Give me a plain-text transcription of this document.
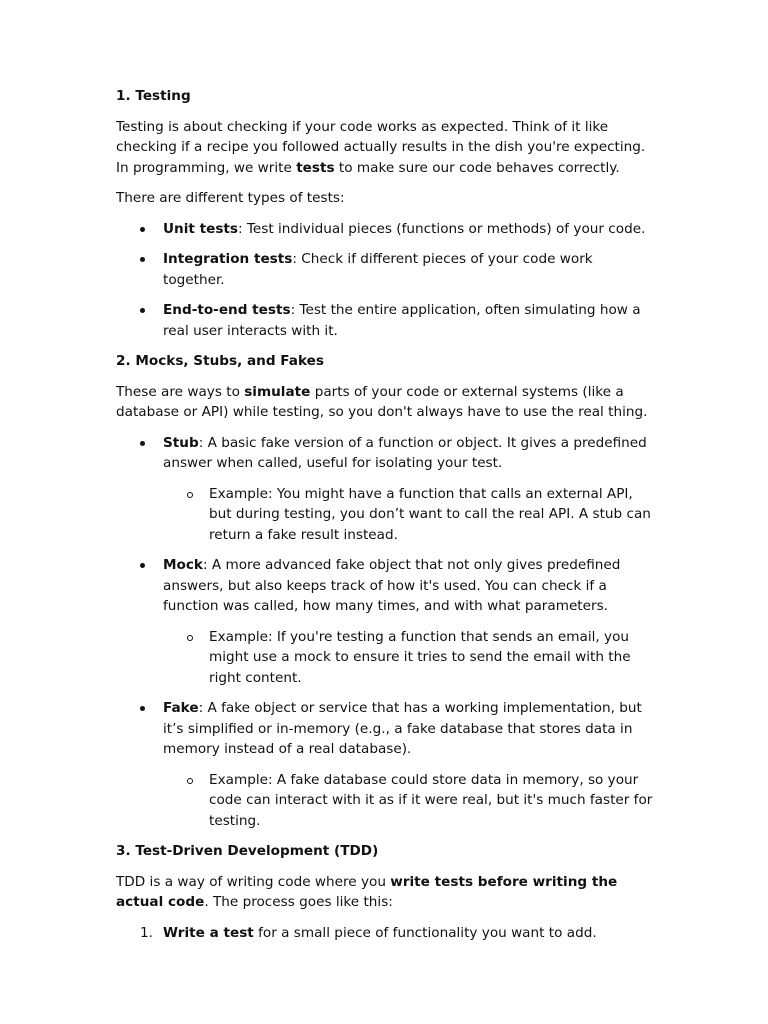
1. Testing

Testing is about checking if your code works as expected. Think of it like checking if a recipe you followed actually results in the dish you're expecting. In programming, we write tests to make sure our code behaves correctly.

There are different types of tests:

Unit tests: Test individual pieces (functions or methods) of your code.
Integration tests: Check if different pieces of your code work together.
End-to-end tests: Test the entire application, often simulating how a real user interacts with it.

2. Mocks, Stubs, and Fakes

These are ways to simulate parts of your code or external systems (like a database or API) while testing, so you don't always have to use the real thing.

Stub: A basic fake version of a function or object. It gives a predefined answer when called, useful for isolating your test.
Example: You might have a function that calls an external API, but during testing, you don’t want to call the real API. A stub can return a fake result instead.
Mock: A more advanced fake object that not only gives predefined answers, but also keeps track of how it's used. You can check if a function was called, how many times, and with what parameters.
Example: If you're testing a function that sends an email, you might use a mock to ensure it tries to send the email with the right content.
Fake: A fake object or service that has a working implementation, but it’s simplified or in-memory (e.g., a fake database that stores data in memory instead of a real database).
Example: A fake database could store data in memory, so your code can interact with it as if it were real, but it's much faster for testing.

3. Test-Driven Development (TDD)

TDD is a way of writing code where you write tests before writing the actual code. The process goes like this:

1. Write a test for a small piece of functionality you want to add.
